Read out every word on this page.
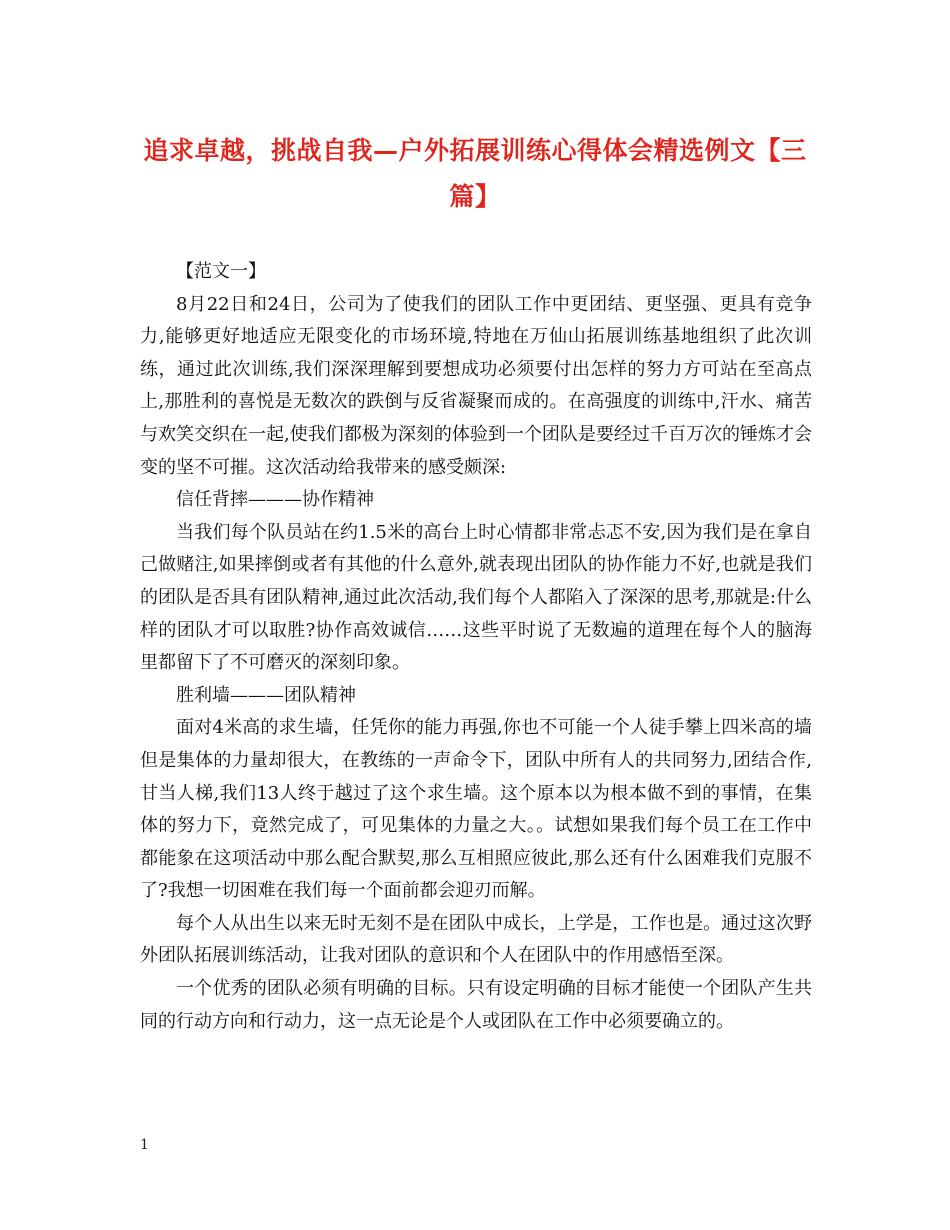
追求卓越，挑战自我—户外拓展训练心得体会精选例文【三篇】

【范文一】

8月22日和24日，公司为了使我们的团队工作中更团结、更坚强、更具有竞争力,能够更好地适应无限变化的市场环境,特地在万仙山拓展训练基地组织了此次训练，通过此次训练,我们深深理解到要想成功必须要付出怎样的努力方可站在至高点上,那胜利的喜悦是无数次的跌倒与反省凝聚而成的。在高强度的训练中,汗水、痛苦与欢笑交织在一起,使我们都极为深刻的体验到一个团队是要经过千百万次的锤炼才会变的坚不可摧。这次活动给我带来的感受颇深:

信任背摔———协作精神

当我们每个队员站在约1.5米的高台上时心情都非常忐忑不安,因为我们是在拿自己做赌注,如果摔倒或者有其他的什么意外,就表现出团队的协作能力不好,也就是我们的团队是否具有团队精神,通过此次活动,我们每个人都陷入了深深的思考,那就是:什么样的团队才可以取胜?协作高效诚信……这些平时说了无数遍的道理在每个人的脑海里都留下了不可磨灭的深刻印象。

胜利墙———团队精神

面对4米高的求生墙，任凭你的能力再强,你也不可能一个人徒手攀上四米高的墙但是集体的力量却很大，在教练的一声命令下，团队中所有人的共同努力,团结合作,甘当人梯,我们13人终于越过了这个求生墙。这个原本以为根本做不到的事情，在集体的努力下，竟然完成了，可见集体的力量之大。。试想如果我们每个员工在工作中都能象在这项活动中那么配合默契,那么互相照应彼此,那么还有什么困难我们克服不了?我想一切困难在我们每一个面前都会迎刃而解。

每个人从出生以来无时无刻不是在团队中成长，上学是，工作也是。通过这次野外团队拓展训练活动，让我对团队的意识和个人在团队中的作用感悟至深。

一个优秀的团队必须有明确的目标。只有设定明确的目标才能使一个团队产生共同的行动方向和行动力，这一点无论是个人或团队在工作中必须要确立的。

1
